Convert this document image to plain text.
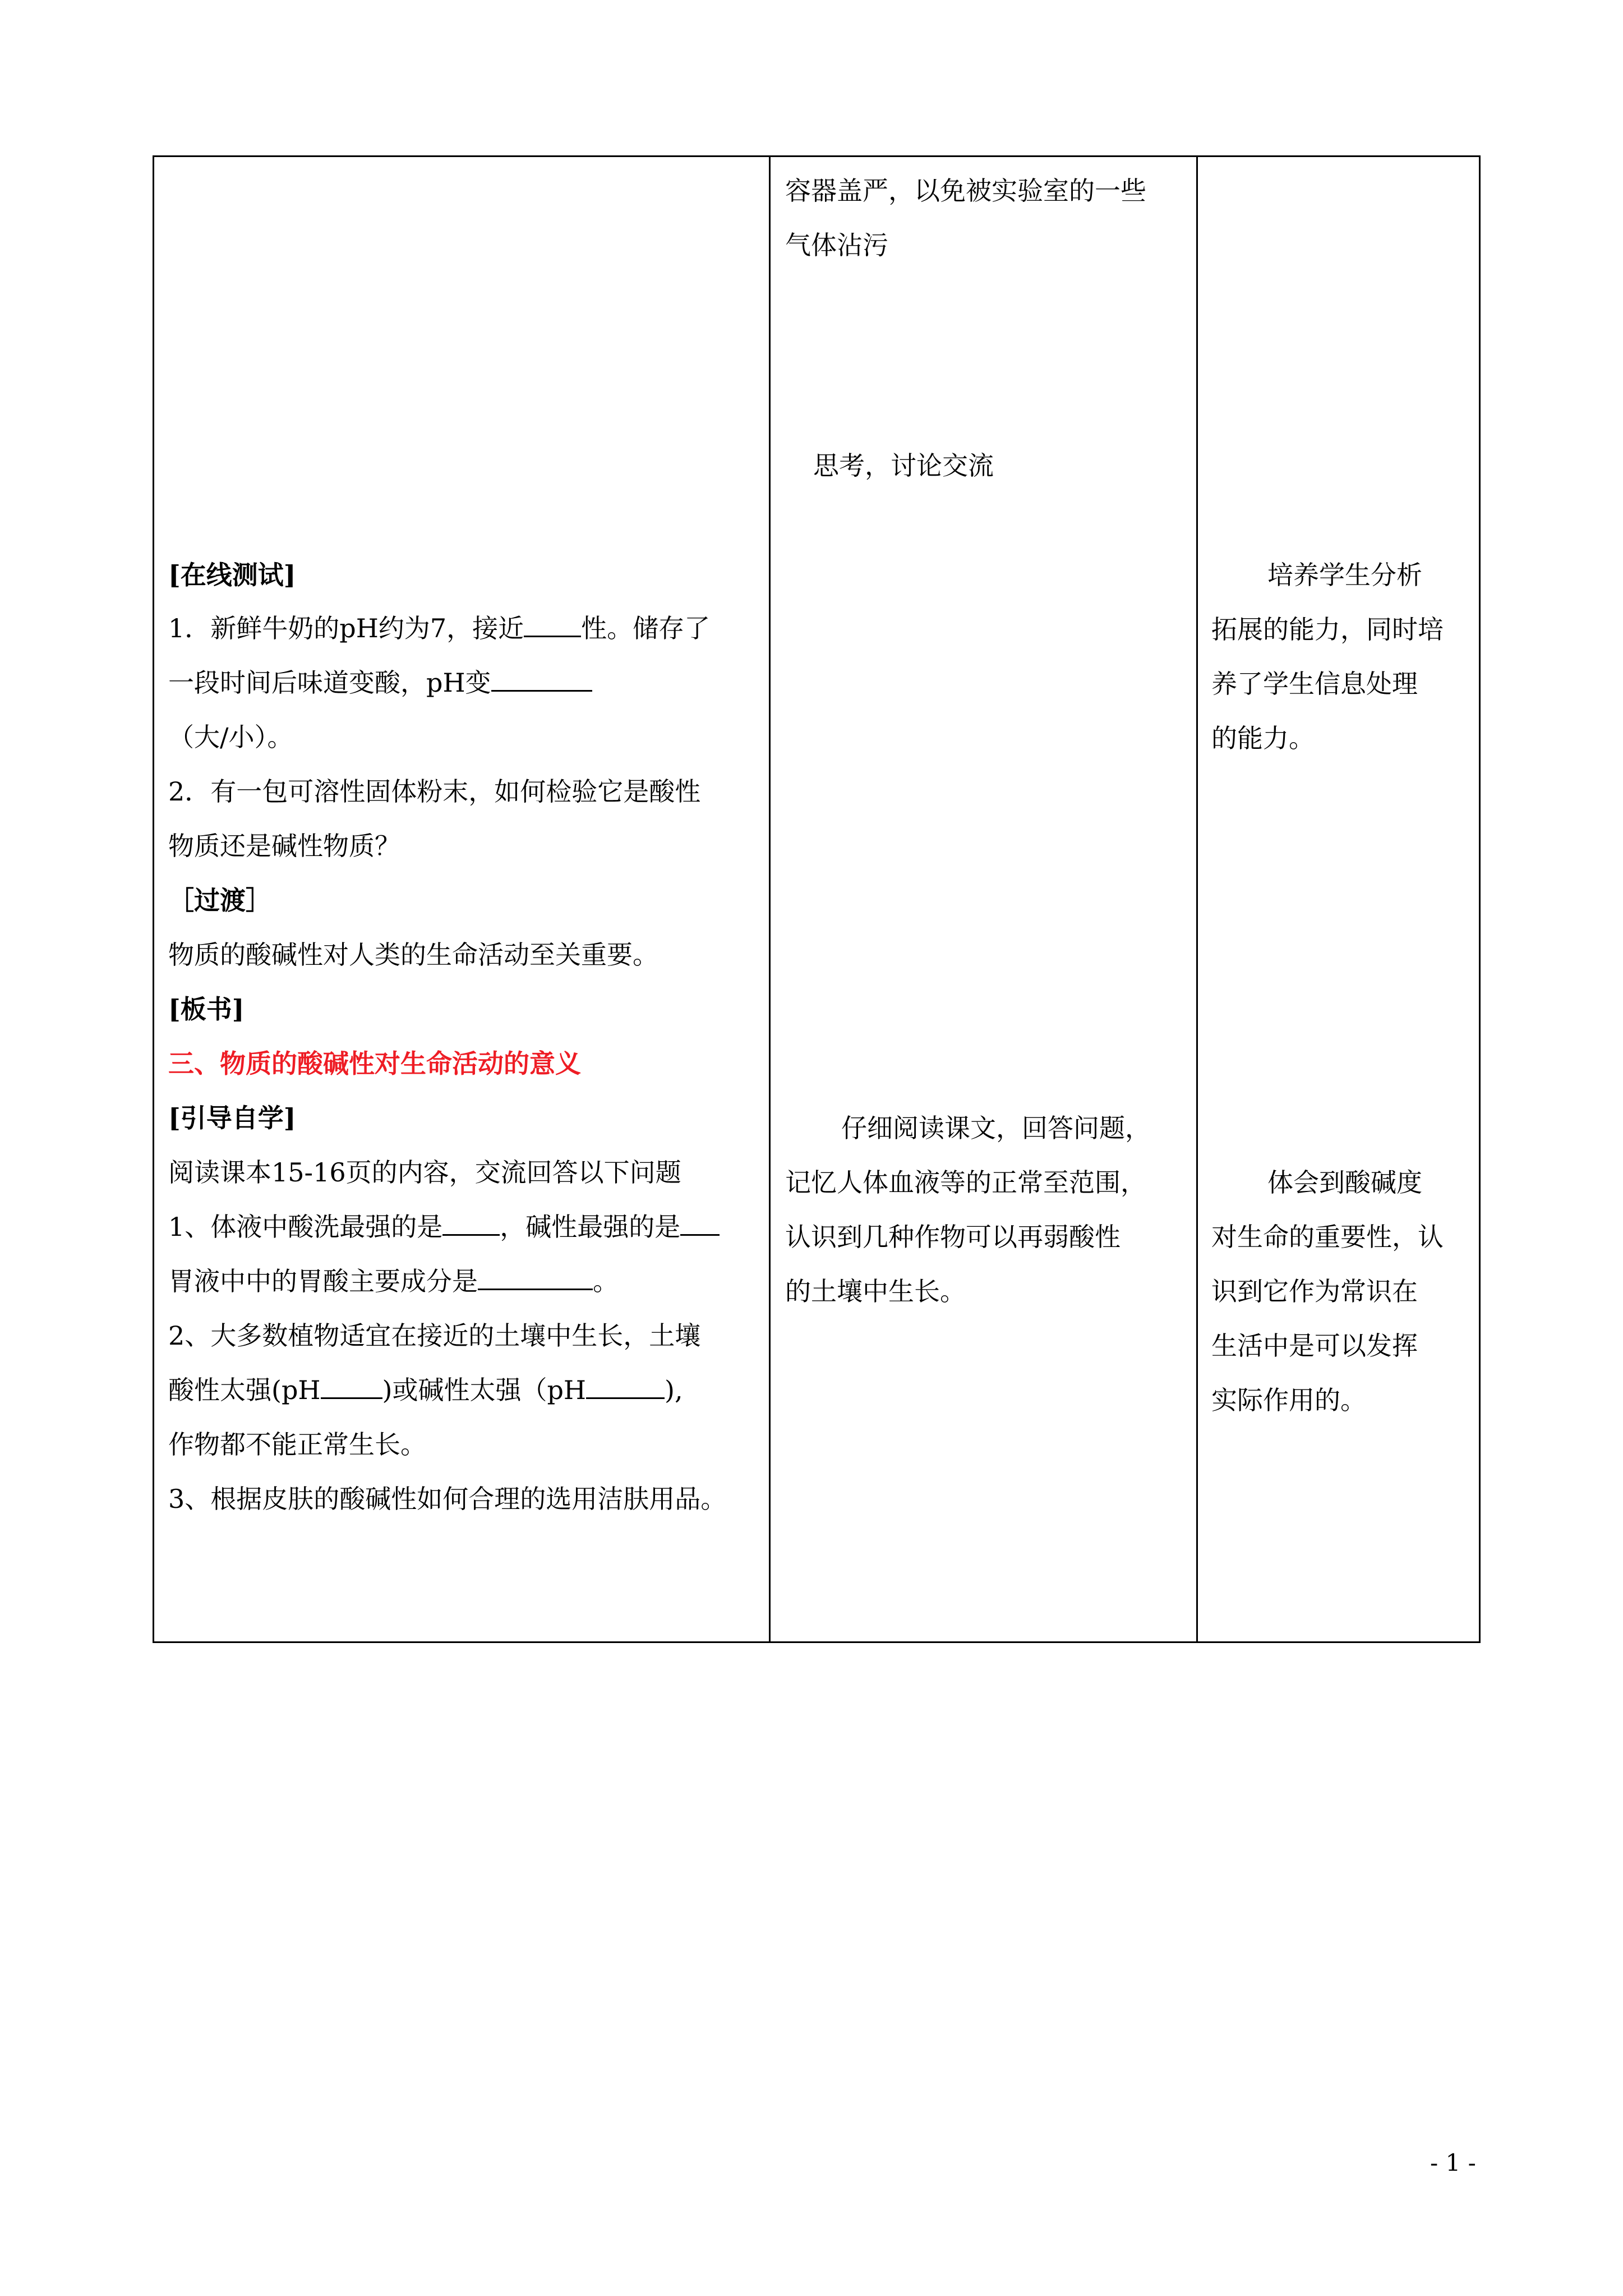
[在线测试]
1．新鲜牛奶的pH约为7，接近 性。储存了
一段时间后味道变酸，pH变
（大/小）。
2．有一包可溶性固体粉末，如何检验它是酸性
物质还是碱性物质？
［过渡］
物质的酸碱性对人类的生命活动至关重要。
[板书]
三、物质的酸碱性对生命活动的意义
[引导自学]
阅读课本15-16页的内容，交流回答以下问题
1、体液中酸洗最强的是 ，碱性最强的是
胃液中中的胃酸主要成分是	。
2、大多数植物适宜在接近的土壤中生长，土壤
酸性太强(pH )或碱性太强（pH	),
作物都不能正常生长。
3、根据皮肤的酸碱性如何合理的选用洁肤用品。
容器盖严，以免被实验室的一些
气体沾污
思考，讨论交流
仔细阅读课文，回答问题，
记忆人体血液等的正常至范围，
认识到几种作物可以再弱酸性
的土壤中生长。
培养学生分析
拓展的能力，同时培
养了学生信息处理
的能力。
体会到酸碱度
对生命的重要性，认
识到它作为常识在
生活中是可以发挥
实际作用的。
- 1 -
